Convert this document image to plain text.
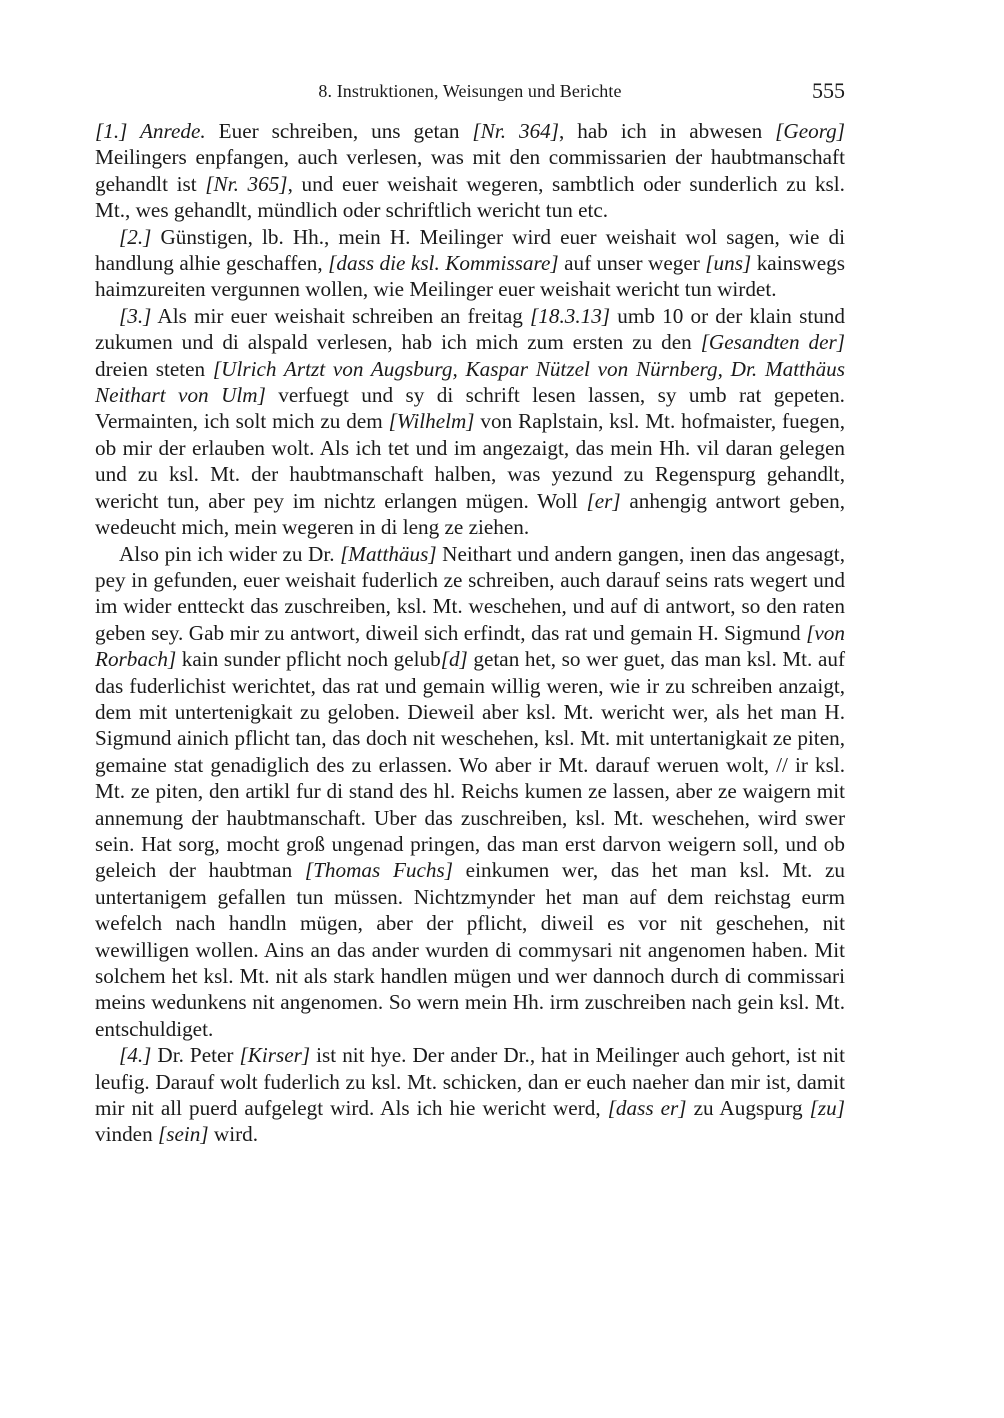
8. Instruktionen, Weisungen und Berichte	555

[1.] Anrede. Euer schreiben, uns getan [Nr. 364], hab ich in abwesen [Georg] Meilingers enpfangen, auch verlesen, was mit den commissarien der haubtmanschaft gehandlt ist [Nr. 365], und euer weishait wegeren, sambtlich oder sunderlich zu ksl. Mt., wes gehandlt, mündlich oder schriftlich wericht tun etc.

[2.] Günstigen, lb. Hh., mein H. Meilinger wird euer weishait wol sagen, wie di handlung alhie geschaffen, [dass die ksl. Kommissare] auf unser weger [uns] kainswegs haimzureiten vergunnen wollen, wie Meilinger euer weishait wericht tun wirdet.

[3.] Als mir euer weishait schreiben an freitag [18.3.13] umb 10 or der klain stund zukumen und di alspald verlesen, hab ich mich zum ersten zu den [Gesandten der] dreien steten [Ulrich Artzt von Augsburg, Kaspar Nützel von Nürnberg, Dr. Matthäus Neithart von Ulm] verfuegt und sy di schrift lesen lassen, sy umb rat gepeten. Vermainten, ich solt mich zu dem [Wilhelm] von Raplstain, ksl. Mt. hofmaister, fuegen, ob mir der erlauben wolt. Als ich tet und im angezaigt, das mein Hh. vil daran gelegen und zu ksl. Mt. der haubtmanschaft halben, was yezund zu Regenspurg gehandlt, wericht tun, aber pey im nichtz erlangen mügen. Woll [er] anhengig antwort geben, wedeucht mich, mein wegeren in di leng ze ziehen.

Also pin ich wider zu Dr. [Matthäus] Neithart und andern gangen, inen das angesagt, pey in gefunden, euer weishait fuderlich ze schreiben, auch darauf seins rats wegert und im wider entteckt das zuschreiben, ksl. Mt. weschehen, und auf di antwort, so den raten geben sey. Gab mir zu antwort, diweil sich erfindt, das rat und gemain H. Sigmund [von Rorbach] kain sunder pflicht noch gelub[d] getan het, so wer guet, das man ksl. Mt. auf das fuderlichist werichtet, das rat und gemain willig weren, wie ir zu schreiben anzaigt, dem mit untertenigkait zu geloben. Dieweil aber ksl. Mt. wericht wer, als het man H. Sigmund ainich pflicht tan, das doch nit weschehen, ksl. Mt. mit untertanigkait ze piten, gemaine stat genadiglich des zu erlassen. Wo aber ir Mt. darauf weruen wolt, // ir ksl. Mt. ze piten, den artikl fur di stand des hl. Reichs kumen ze lassen, aber ze waigern mit annemung der haubtmanschaft. Uber das zuschreiben, ksl. Mt. weschehen, wird swer sein. Hat sorg, mocht groß ungenad pringen, das man erst darvon weigern soll, und ob geleich der haubtman [Thomas Fuchs] einkumen wer, das het man ksl. Mt. zu untertanigem gefallen tun müssen. Nichtzmynder het man auf dem reichstag eurm wefelch nach handln mügen, aber der pflicht, diweil es vor nit geschehen, nit wewilligen wollen. Ains an das ander wurden di commysari nit angenomen haben. Mit solchem het ksl. Mt. nit als stark handlen mügen und wer dannoch durch di commissari meins wedunkens nit angenomen. So wern mein Hh. irm zuschreiben nach gein ksl. Mt. entschuldiget.

[4.] Dr. Peter [Kirser] ist nit hye. Der ander Dr., hat in Meilinger auch gehort, ist nit leufig. Darauf wolt fuderlich zu ksl. Mt. schicken, dan er euch naeher dan mir ist, damit mir nit all puerd aufgelegt wird. Als ich hie wericht werd, [dass er] zu Augspurg [zu] vinden [sein] wird.
